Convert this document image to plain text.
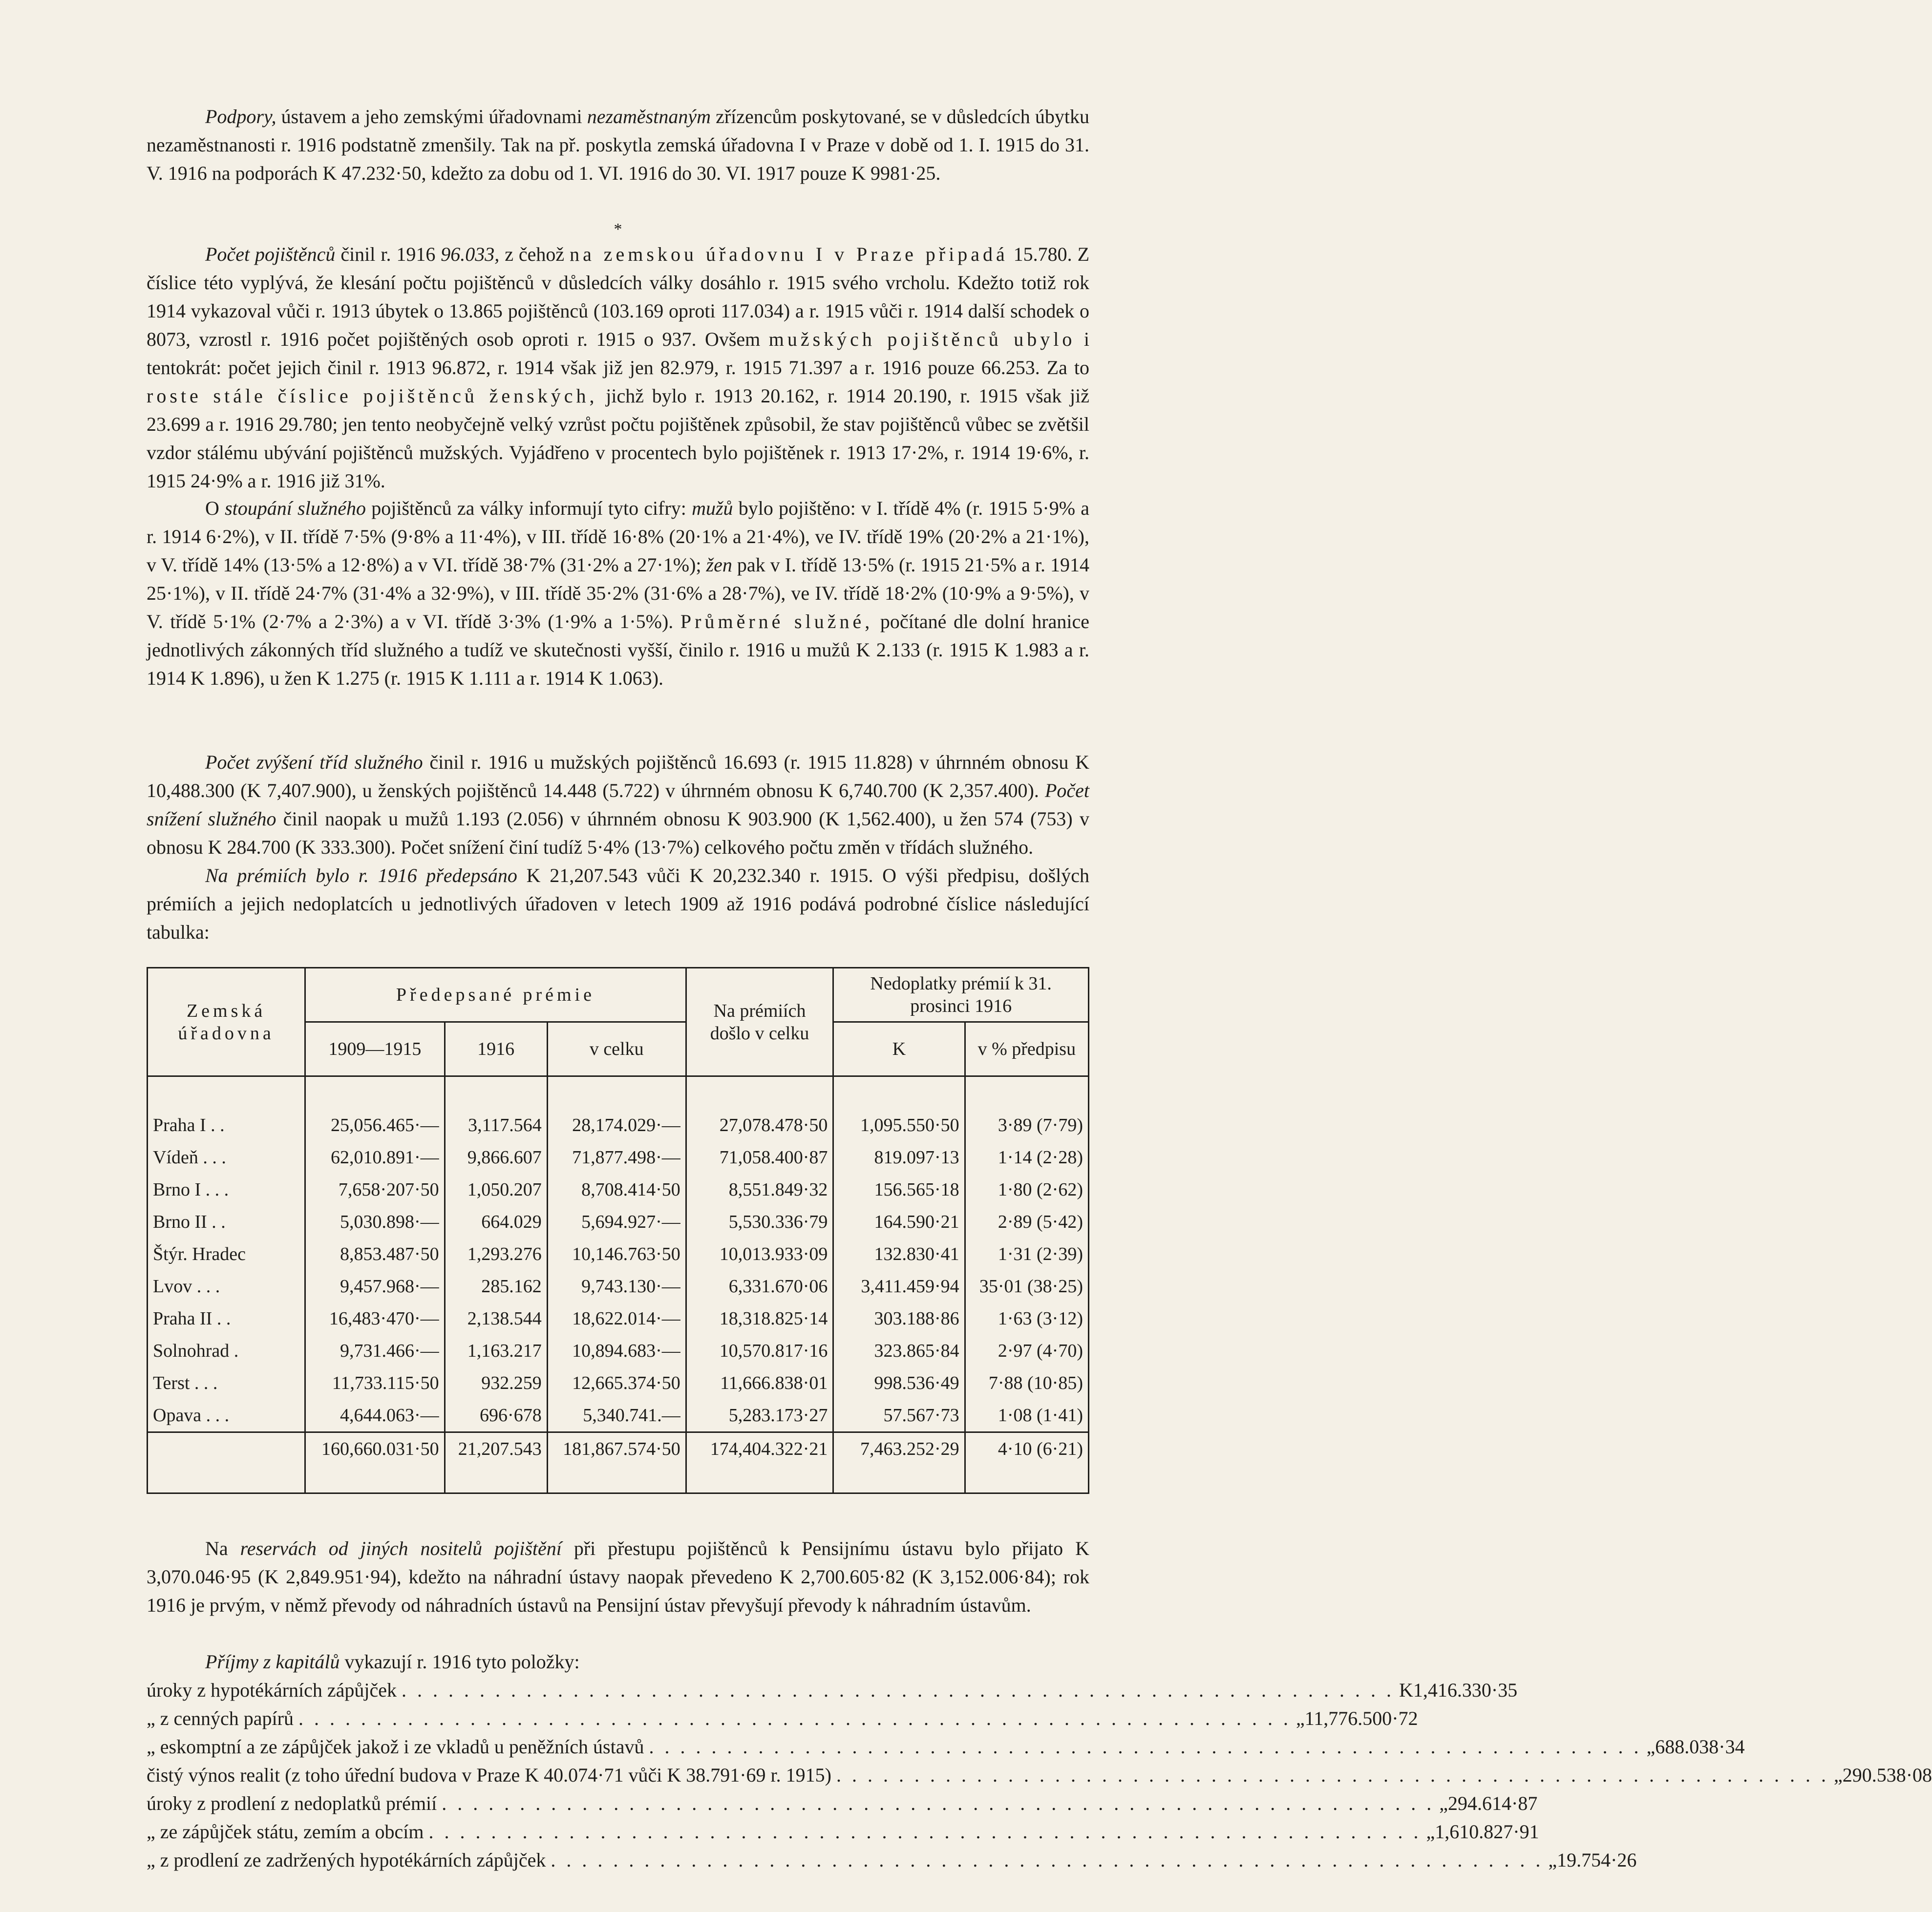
Podpory, ústavem a jeho zemskými úřadovnami nezaměstnaným zřízencům poskytované, se v důsledcích úbytku nezaměstnanosti r. 1916 podstatně zmenšily. Tak na př. poskytla zemská úřadovna I v Praze v době od 1. I. 1915 do 31. V. 1916 na podporách K 47.232·50, kdežto za dobu od 1. VI. 1916 do 30. VI. 1917 pouze K 9981·25.

*

Počet pojištěnců činil r. 1916 96.033, z čehož na zemskou úřadovnu I v Praze připadá 15.780. Z číslice této vyplývá, že klesání počtu pojištěnců v důsledcích války dosáhlo r. 1915 svého vrcholu. Kdežto totiž rok 1914 vykazoval vůči r. 1913 úbytek o 13.865 pojištěnců (103.169 oproti 117.034) a r. 1915 vůči r. 1914 další schodek o 8073, vzrostl r. 1916 počet pojištěných osob oproti r. 1915 o 937. Ovšem mužských pojištěnců ubylo i tentokrát: počet jejich činil r. 1913 96.872, r. 1914 však již jen 82.979, r. 1915 71.397 a r. 1916 pouze 66.253. Za to roste stále číslice pojištěnců ženských, jichž bylo r. 1913 20.162, r. 1914 20.190, r. 1915 však již 23.699 a r. 1916 29.780; jen tento neobyčejně velký vzrůst počtu pojištěnek způsobil, že stav pojištěnců vůbec se zvětšil vzdor stálému ubývání pojištěnců mužských. Vyjádřeno v procentech bylo pojištěnek r. 1913 17·2%, r. 1914 19·6%, r. 1915 24·9% a r. 1916 již 31%.

O stoupání služného pojištěnců za války informují tyto cifry: mužů bylo pojištěno: v I. třídě 4% (r. 1915 5·9% a r. 1914 6·2%), v II. třídě 7·5% (9·8% a 11·4%), v III. třídě 16·8% (20·1% a 21·4%), ve IV. třídě 19% (20·2% a 21·1%), v V. třídě 14% (13·5% a 12·8%) a v VI. třídě 38·7% (31·2% a 27·1%); žen pak v I. třídě 13·5% (r. 1915 21·5% a r. 1914 25·1%), v II. třídě 24·7% (31·4% a 32·9%), v III. třídě 35·2% (31·6% a 28·7%), ve IV. třídě 18·2% (10·9% a 9·5%), v V. třídě 5·1% (2·7% a 2·3%) a v VI. třídě 3·3% (1·9% a 1·5%). Průměrné služné, počítané dle dolní hranice jednotlivých zákonných tříd služného a tudíž ve skutečnosti vyšší, činilo r. 1916 u mužů K 2.133 (r. 1915 K 1.983 a r. 1914 K 1.896), u žen K 1.275 (r. 1915 K 1.111 a r. 1914 K 1.063).

Počet zvýšení tříd služného činil r. 1916 u mužských pojištěnců 16.693 (r. 1915 11.828) v úhrnném obnosu K 10,488.300 (K 7,407.900), u ženských pojištěnců 14.448 (5.722) v úhrnném obnosu K 6,740.700 (K 2,357.400). Počet snížení služného činil naopak u mužů 1.193 (2.056) v úhrnném obnosu K 903.900 (K 1,562.400), u žen 574 (753) v obnosu K 284.700 (K 333.300). Počet snížení činí tudíž 5·4% (13·7%) celkového počtu změn v třídách služného.

Na prémiích bylo r. 1916 předepsáno K 21,207.543 vůči K 20,232.340 r. 1915. O výši předpisu, došlých prémiích a jejich nedoplatcích u jednotlivých úřadoven v letech 1909 až 1916 podává podrobné číslice následující tabulka:

Zemská úřadovna	Předepsané prémie			Na prémiích došlo v celku	Nedoplatky prémií k 31. prosinci 1916	
	1909—1915	1916	v celku		K	v % předpisu
Praha I . .	25,056.465·—	3,117.564	28,174.029·—	27,078.478·50	1,095.550·50	3·89 (7·79)
Vídeň . . .	62,010.891·—	9,866.607	71,877.498·—	71,058.400·87	819.097·13	1·14 (2·28)
Brno I . . .	7,658·207·50	1,050.207	8,708.414·50	8,551.849·32	156.565·18	1·80 (2·62)
Brno II . .	5,030.898·—	664.029	5,694.927·—	5,530.336·79	164.590·21	2·89 (5·42)
Štýr. Hradec	8,853.487·50	1,293.276	10,146.763·50	10,013.933·09	132.830·41	1·31 (2·39)
Lvov . . .	9,457.968·—	285.162	9,743.130·—	6,331.670·06	3,411.459·94	35·01 (38·25)
Praha II . .	16,483·470·—	2,138.544	18,622.014·—	18,318.825·14	303.188·86	1·63 (3·12)
Solnohrad .	9,731.466·—	1,163.217	10,894.683·—	10,570.817·16	323.865·84	2·97 (4·70)
Terst . . .	11,733.115·50	932.259	12,665.374·50	11,666.838·01	998.536·49	7·88 (10·85)
Opava . . .	4,644.063·—	696·678	5,340.741.—	5,283.173·27	57.567·73	1·08 (1·41)
	160,660.031·50	21,207.543	181,867.574·50	174,404.322·21	7,463.252·29	4·10 (6·21)

Na reservách od jiných nositelů pojištění při přestupu pojištěnců k Pensijnímu ústavu bylo přijato K 3,070.046·95 (K 2,849.951·94), kdežto na náhradní ústavy naopak převedeno K 2,700.605·82 (K 3,152.006·84); rok 1916 je prvým, v němž převody od náhradních ústavů na Pensijní ústav převyšují převody k náhradním ústavům.

Příjmy z kapitálů vykazují r. 1916 tyto položky:

úroky z hypotékárních zápůjček . . . . . . . . . . . . . . . . . . . . . . . . . . . . . . . . . . . . . . . . . . . . . . . . . . . . . . . . . . . . . . . . K 1,416.330·35
„ z cenných papírů . . . . . . . . . . . . . . . . . . . . . . . . . . . . . . . . . . . . . . . . . . . . . . . . . . . . . . . . . . . . . . . . „ 11,776.500·72
„ eskomptní a ze zápůjček jakož i ze vkladů u peněžních ústavů . . . . . . . . . . . . . . . . . . . . . . . . . . . . . . . . . . . . . . . . . . . . . . . . . . . . . . . . . . . . . . . . „ 688.038·34
čistý výnos realit (z toho úřední budova v Praze K 40.074·71 vůči K 38.791·69 r. 1915) . . . . . . . . . . . . . . . . . . . . . . . . . . . . . . . . . . . . . . . . . . . . . . . . . . . . . . . . . . . . . . . . „ 290.538·08
úroky z prodlení z nedoplatků prémií . . . . . . . . . . . . . . . . . . . . . . . . . . . . . . . . . . . . . . . . . . . . . . . . . . . . . . . . . . . . . . . . „ 294.614·87
„ ze zápůjček státu, zemím a obcím . . . . . . . . . . . . . . . . . . . . . . . . . . . . . . . . . . . . . . . . . . . . . . . . . . . . . . . . . . . . . . . . „ 1,610.827·91
„ z prodlení ze zadržených hypotékárních zápůjček . . . . . . . . . . . . . . . . . . . . . . . . . . . . . . . . . . . . . . . . . . . . . . . . . . . . . . . . . . . . . . . . „ 19.754·26
